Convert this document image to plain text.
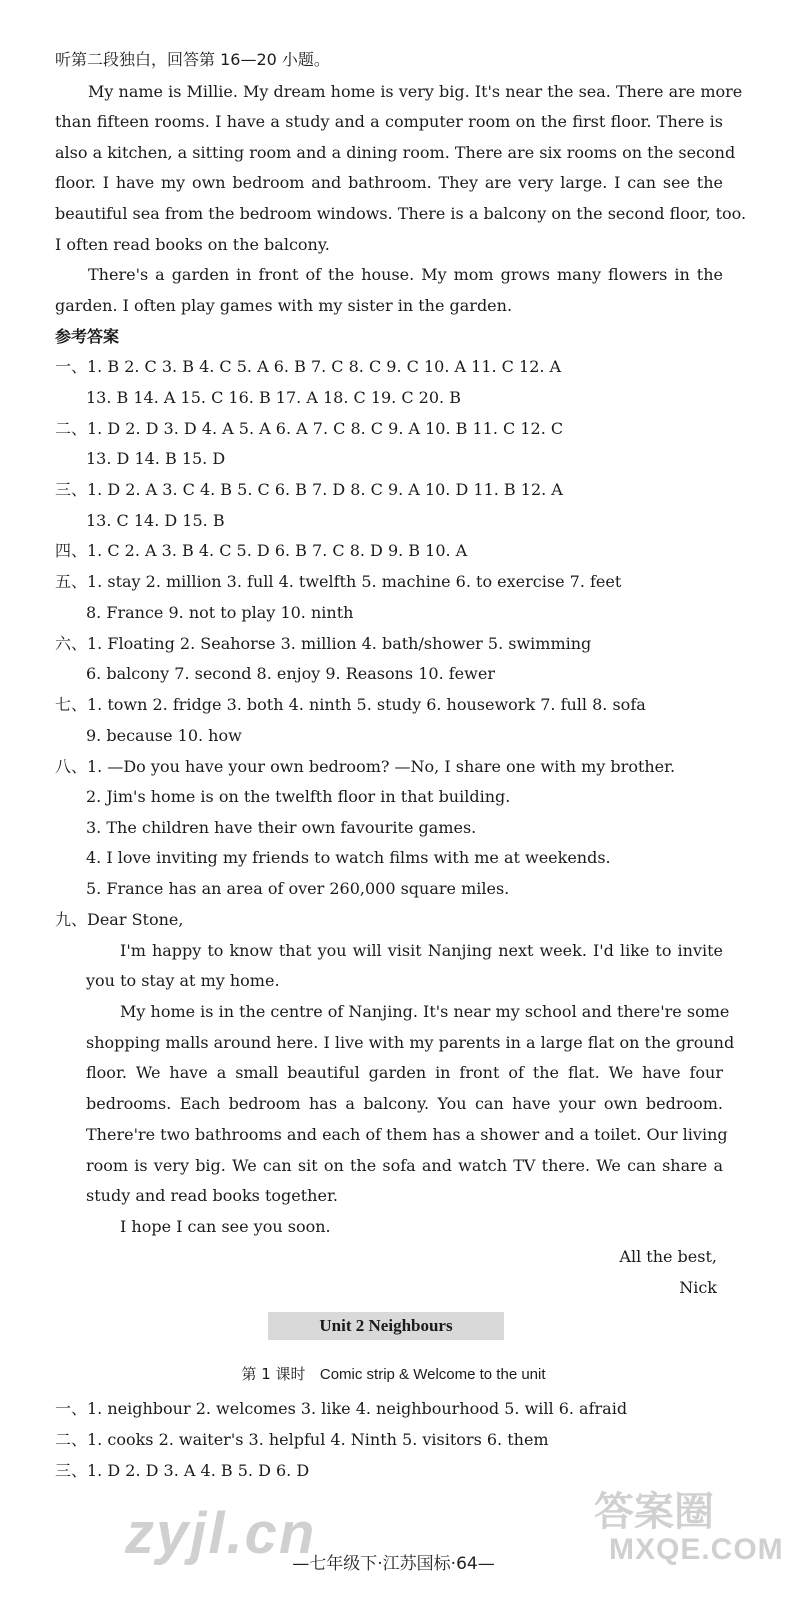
听第二段独白，回答第 16—20 小题。
My name is Millie. My dream home is very big. It's near the sea. There are more
than fifteen rooms. I have a study and a computer room on the first floor. There is
also a kitchen, a sitting room and a dining room. There are six rooms on the second
floor. I have my own bedroom and bathroom. They are very large. I can see the
beautiful sea from the bedroom windows. There is a balcony on the second floor, too.
I often read books on the balcony.
There's a garden in front of the house. My mom grows many flowers in the
garden. I often play games with my sister in the garden.
参考答案
一、1. B 2. C 3. B 4. C 5. A 6. B 7. C 8. C 9. C 10. A 11. C 12. A
13. B 14. A 15. C 16. B 17. A 18. C 19. C 20. B
二、1. D 2. D 3. D 4. A 5. A 6. A 7. C 8. C 9. A 10. B 11. C 12. C
13. D 14. B 15. D
三、1. D 2. A 3. C 4. B 5. C 6. B 7. D 8. C 9. A 10. D 11. B 12. A
13. C 14. D 15. B
四、1. C 2. A 3. B 4. C 5. D 6. B 7. C 8. D 9. B 10. A
五、1. stay 2. million 3. full 4. twelfth 5. machine 6. to exercise 7. feet
8. France 9. not to play 10. ninth
六、1. Floating 2. Seahorse 3. million 4. bath/shower 5. swimming
6. balcony 7. second 8. enjoy 9. Reasons 10. fewer
七、1. town 2. fridge 3. both 4. ninth 5. study 6. housework 7. full 8. sofa
9. because 10. how
八、1. —Do you have your own bedroom? —No, I share one with my brother.
2. Jim's home is on the twelfth floor in that building.
3. The children have their own favourite games.
4. I love inviting my friends to watch films with me at weekends.
5. France has an area of over 260,000 square miles.
九、Dear Stone,
I'm happy to know that you will visit Nanjing next week. I'd like to invite
you to stay at my home.
My home is in the centre of Nanjing. It's near my school and there're some
shopping malls around here. I live with my parents in a large flat on the ground
floor. We have a small beautiful garden in front of the flat. We have four
bedrooms. Each bedroom has a balcony. You can have your own bedroom.
There're two bathrooms and each of them has a shower and a toilet. Our living
room is very big. We can sit on the sofa and watch TV there. We can share a
study and read books together.
I hope I can see you soon.
All the best,
Nick
Unit 2 Neighbours
第 1 课时 Comic strip & Welcome to the unit
一、1. neighbour 2. welcomes 3. like 4. neighbourhood 5. will 6. afraid
二、1. cooks 2. waiter's 3. helpful 4. Ninth 5. visitors 6. them
三、1. D 2. D 3. A 4. B 5. D 6. D
—七年级下·江苏国标·64—
zyjl.cn	答案圈
MXQE.COM
